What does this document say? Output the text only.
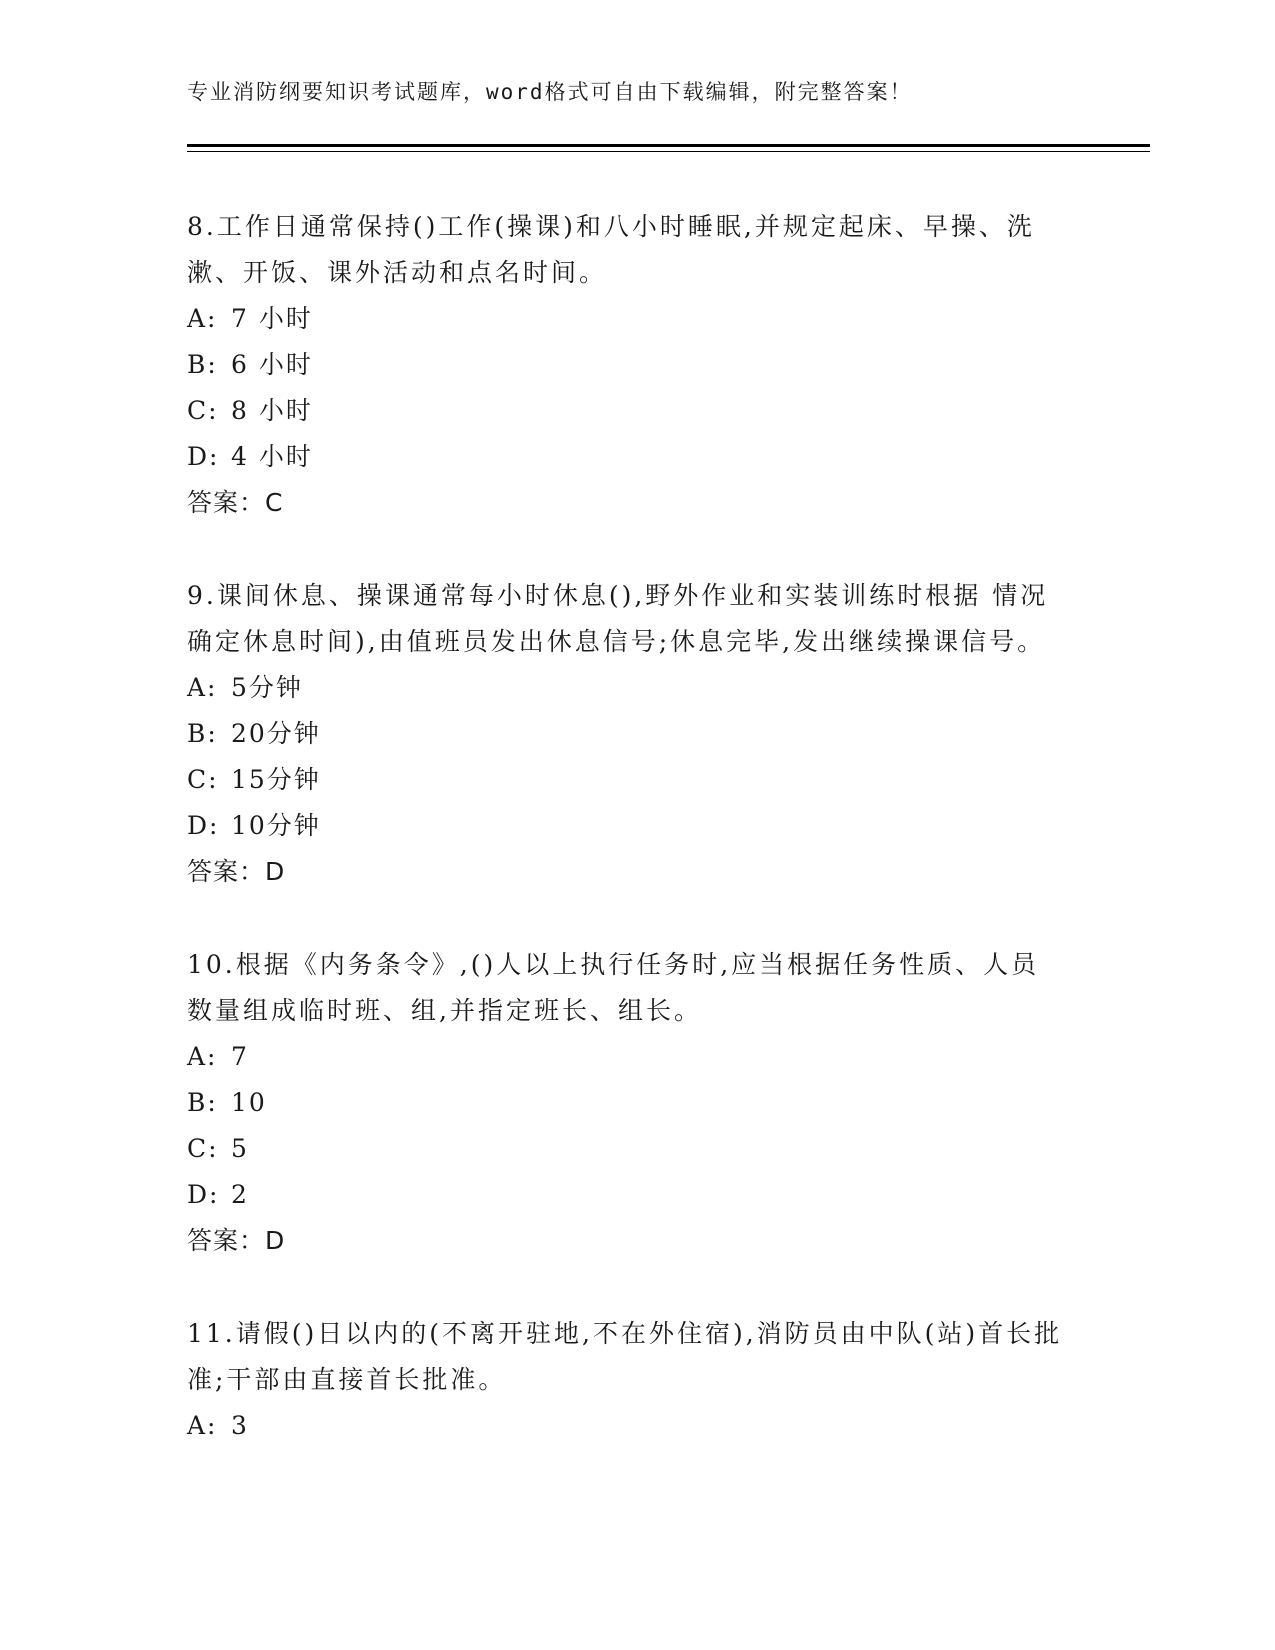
专业消防纲要知识考试题库，word格式可自由下载编辑，附完整答案！

8.工作日通常保持()工作(操课)和八小时睡眠,并规定起床、早操、洗漱、开饭、课外活动和点名时间。

A: 7 小时
B: 6 小时
C: 8 小时
D: 4 小时
答案：C

9.课间休息、操课通常每小时休息(),野外作业和实装训练时根据 情况确定休息时间),由值班员发出休息信号;休息完毕,发出继续操课信号。

A: 5分钟
B: 20分钟
C: 15分钟
D: 10分钟
答案：D

10.根据《内务条令》,()人以上执行任务时,应当根据任务性质、人员数量组成临时班、组,并指定班长、组长。

A: 7
B: 10
C: 5
D: 2
答案：D

11.请假()日以内的(不离开驻地,不在外住宿),消防员由中队(站)首长批准;干部由直接首长批准。

A: 3
